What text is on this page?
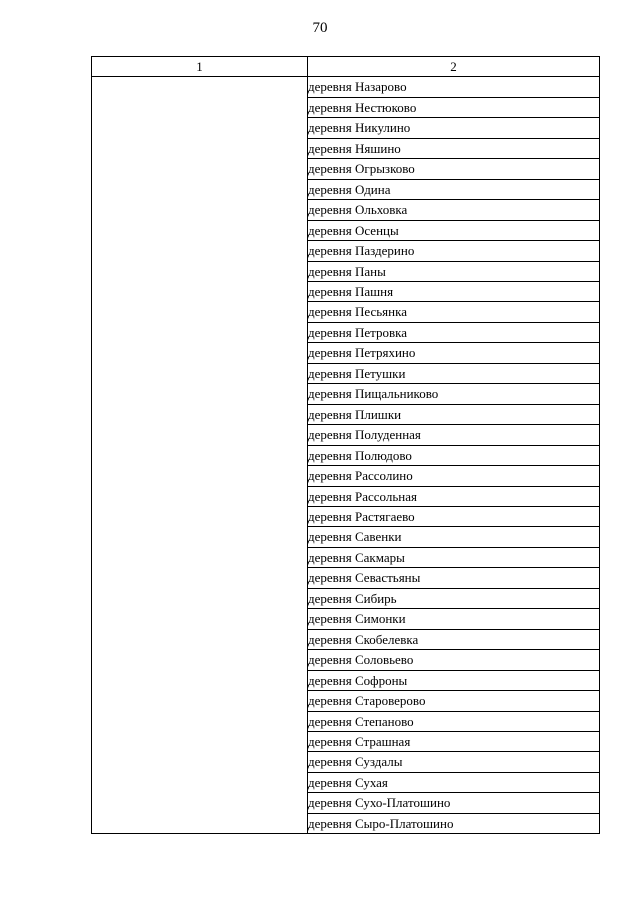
70
1	2
	деревня Назарово
	деревня Нестюково
	деревня Никулино
	деревня Няшино
	деревня Огрызково
	деревня Одина
	деревня Ольховка
	деревня Осенцы
	деревня Паздерино
	деревня Паны
	деревня Пашня
	деревня Песьянка
	деревня Петровка
	деревня Петряхино
	деревня Петушки
	деревня Пищальниково
	деревня Плишки
	деревня Полуденная
	деревня Полюдово
	деревня Рассолино
	деревня Рассольная
	деревня Растягаево
	деревня Савенки
	деревня Сакмары
	деревня Севастьяны
	деревня Сибирь
	деревня Симонки
	деревня Скобелевка
	деревня Соловьево
	деревня Софроны
	деревня Староверово
	деревня Степаново
	деревня Страшная
	деревня Суздалы
	деревня Сухая
	деревня Сухо-Платошино
	деревня Сыро-Платошино
